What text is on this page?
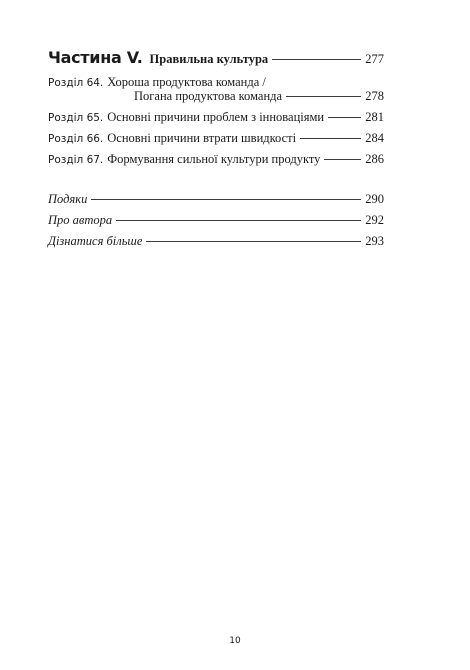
Частина V. Правильна культура	277
Розділ 64. Хороша продуктова команда /
Погана продуктова команда	278
Розділ 65. Основні причини проблем з інноваціями	281
Розділ 66. Основні причини втрати швидкості	284
Розділ 67. Формування сильної культури продукту	286
Подяки	290
Про автора	292
Дізнатися більше	293
10
